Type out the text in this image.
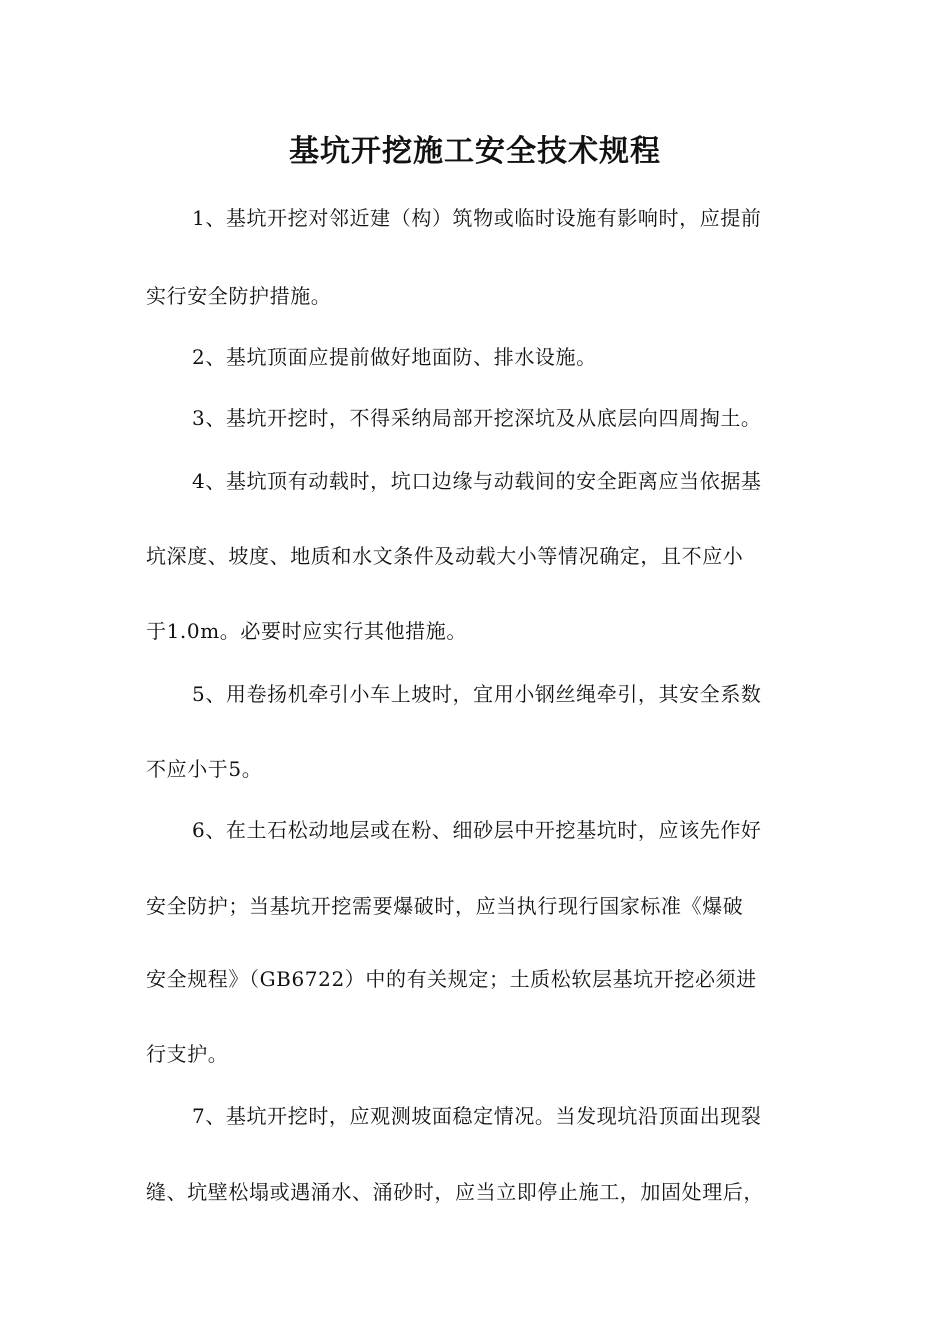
基坑开挖施工安全技术规程
1、基坑开挖对邻近建（构）筑物或临时设施有影响时，应提前
实行安全防护措施。
2、基坑顶面应提前做好地面防、排水设施。
3、基坑开挖时，不得采纳局部开挖深坑及从底层向四周掏土。
4、基坑顶有动载时，坑口边缘与动载间的安全距离应当依据基
坑深度、坡度、地质和水文条件及动载大小等情况确定，且不应小
于1.0m。必要时应实行其他措施。
5、用卷扬机牵引小车上坡时，宜用小钢丝绳牵引，其安全系数
不应小于5。
6、在土石松动地层或在粉、细砂层中开挖基坑时，应该先作好
安全防护；当基坑开挖需要爆破时，应当执行现行国家标准《爆破
安全规程》（GB6722）中的有关规定；土质松软层基坑开挖必须进
行支护。
7、基坑开挖时，应观测坡面稳定情况。当发现坑沿顶面出现裂
缝、坑壁松塌或遇涌水、涌砂时，应当立即停止施工，加固处理后，
